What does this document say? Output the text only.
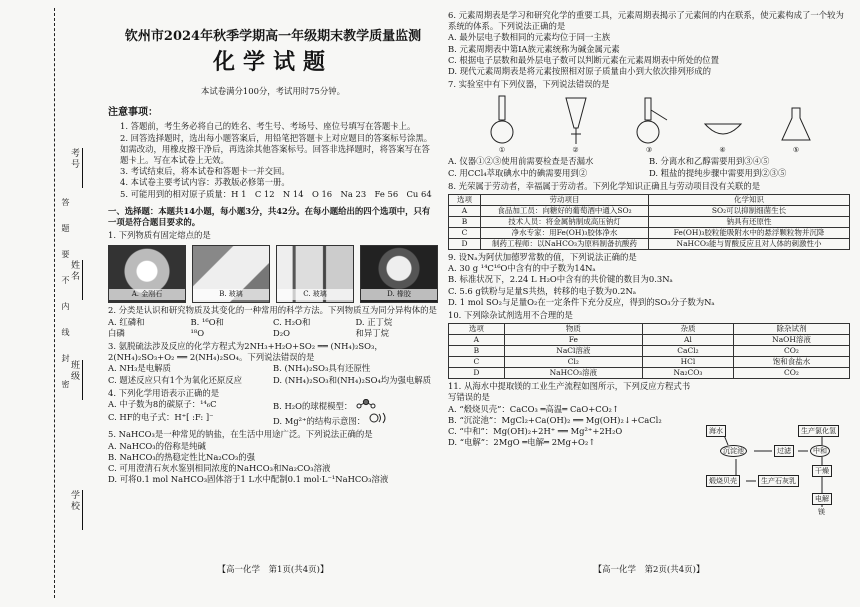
考号
姓名
班级
学校
答
题
要
不
内
线
封
密
钦州市2024年秋季学期高一年级期末教学质量监测
化学试题
本试卷满分100分，考试用时75分钟。
注意事项：
1. 答题前，考生务必将自己的姓名、考生号、考场号、座位号填写在答题卡上。
2. 回答选择题时，选出每小题答案后，用铅笔把答题卡上对应题目的答案标号涂黑。如需改动，用橡皮擦干净后，再选涂其他答案标号。回答非选择题时，将答案写在答题卡上。写在本试卷上无效。
3. 考试结束后，将本试卷和答题卡一并交回。
4. 本试卷主要考试内容：苏教版必修第一册。
5. 可能用到的相对原子质量：H 1　C 12　N 14　O 16　Na 23　Fe 56　Cu 64
一、选择题：本题共14小题，每小题3分，共42分。在每小题给出的四个选项中，只有一项是符合题目要求的。
1. 下列物质有固定熔点的是
A. 金刚石	B. 玻璃	C. 玻璃	D. 橡胶
2. 分类是认识和研究物质及其变化的一种常用的科学方法。下列物质互为同分异构体的是
A. 红磷和白磷
B. ¹⁶O和¹⁸O
C. H₂O和D₂O
D. 正丁烷和异丁烷
3. 氨脱硫法涉及反应的化学方程式为2NH₃+H₂O+SO₂ ══ (NH₄)₂SO₃，2(NH₄)₂SO₃+O₂ ══ 2(NH₄)₂SO₄。下列说法错误的是
A. NH₃是电解质	B. (NH₄)₂SO₃具有还原性
C. 题述反应只有1个为氧化还原反应	D. (NH₄)₂SO₃和(NH₄)₂SO₄均为强电解质
4. 下列化学用语表示正确的是
A. 中子数为8的碳原子：¹⁴₆C	B. H₂O的球棍模型：
C. HF的电子式：H⁺[ :F: ]⁻	D. Mg²⁺的结构示意图：
5. NaHCO₃是一种常见的钠盐，在生活中用途广泛。下列说法正确的是
A. NaHCO₃的俗称是纯碱
B. NaHCO₃的热稳定性比Na₂CO₃的强
C. 可用澄清石灰水鉴别相同浓度的NaHCO₃和Na₂CO₃溶液
D. 可将0.1 mol NaHCO₃固体溶于1 L水中配制0.1 mol·L⁻¹NaHCO₃溶液
【高一化学　第1页(共4页)】
6. 元素周期表是学习和研究化学的重要工具，元素周期表揭示了元素间的内在联系，使元素构成了一个较为系统的体系。下列说法正确的是
A. 最外层电子数相同的元素均位于同一主族
B. 元素周期表中第ⅠA族元素统称为碱金属元素
C. 根据电子层数和最外层电子数可以判断元素在元素周期表中所处的位置
D. 现代元素周期表是将元素按照相对原子质量由小到大依次排列形成的
7. 实验室中有下列仪器，下列说法错误的是
①	②	③	④	⑤
A. 仪器①②③使用前需要检查是否漏水	B. 分离水和乙醇需要用到③④⑤
C. 用CCl₄萃取碘水中的碘需要用到②	D. 粗盐的提纯步骤中需要用到②③⑤
8. 光荣属于劳动者，幸福属于劳动者。下列化学知识正确且与劳动项目没有关联的是
选项	劳动项目	化学知识
A	食品加工员：向糖好的葡萄酒中通入SO₂	SO₂可以抑制细菌生长
B	技术人员：将金属钠制成高压钠灯	钠具有还原性
C	净水专家：用Fe(OH)₃胶体净水	Fe(OH)₃胶粒能吸附水中的悬浮颗粒物并沉降
D	制药工程师：以NaHCO₃为原料制备抗酸药	NaHCO₃能与胃酸反应且对人体的刺激性小
9. 设Nₐ为阿伏加德罗常数的值，下列说法正确的是
A. 30 g ¹⁴C¹⁶O中含有的中子数为14Nₐ
B. 标准状况下，2.24 L H₂O中含有的共价键的数目为0.3Nₐ
C. 5.6 g铁粉与足量S共热，转移的电子数为0.2Nₐ
D. 1 mol SO₂与足量O₂在一定条件下充分反应，得到的SO₃分子数为Nₐ
10. 下列除杂试剂选用不合理的是
选项	物质	杂质	除杂试剂
A	Fe	Al	NaOH溶液
B	NaCl溶液	CaCl₂	CO₂
C	Cl₂	HCl	饱和食盐水
D	NaHCO₃溶液	Na₂CO₃	CO₂
11. 从海水中提取镁的工业生产流程如图所示，下列反应方程式书写错误的是
A. “煅烧贝壳”：CaCO₃ ═高温═ CaO+CO₂↑
B. “沉淀池”：MgCl₂+Ca(OH)₂ ══ Mg(OH)₂↓+CaCl₂
C. “中和”：Mg(OH)₂+2H⁺ ══ Mg²⁺+2H₂O
D. “电解”：2MgO ═电解═ 2Mg+O₂↑
海水	生产氯化氢
沉淀池	过滤	中和
干燥
煅烧贝壳	生产石灰乳
电解
镁
【高一化学　第2页(共4页)】
